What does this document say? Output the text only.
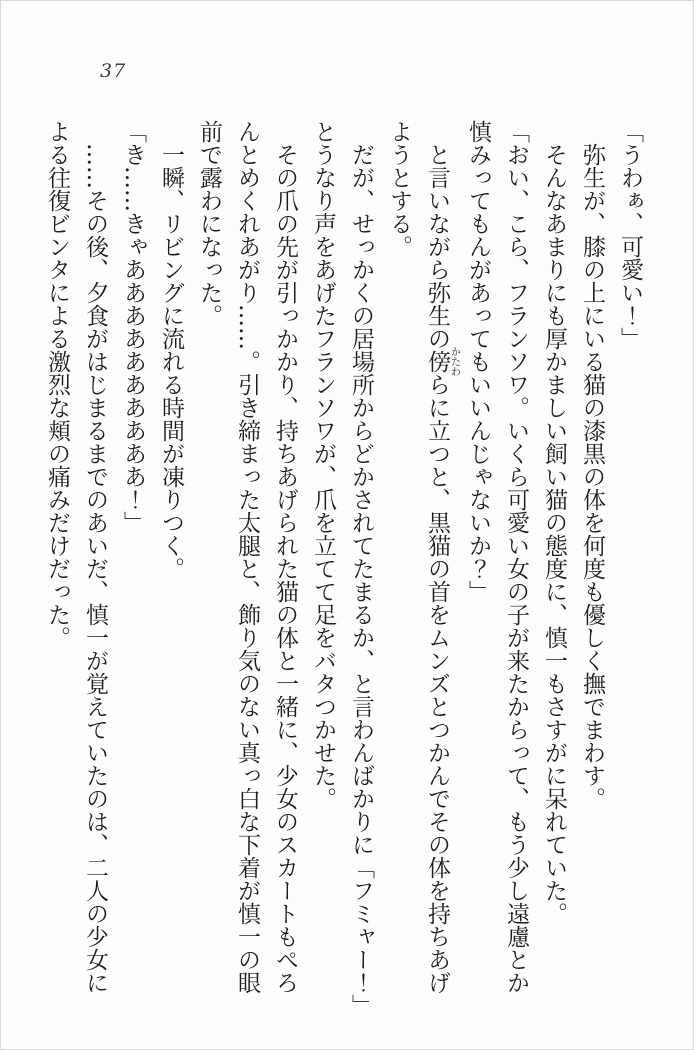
37

「うわぁ、可愛い！」

弥生が、膝の上にいる猫の漆黒の体を何度も優しく撫でまわす。

そんなあまりにも厚かましい飼い猫の態度に、慎一もさすがに呆れていた。

「おい、こら、フランソワ。いくら可愛い女の子が来たからって、もう少し遠慮とか

慎みってもんがあってもいいんじゃないか？」

と言いながら弥生の傍かたわらに立つと、黒猫の首をムンズとつかんでその体を持ちあげ

ようとする。

だが、せっかくの居場所からどかされてたまるか、と言わんばかりに「フミャー！」

とうなり声をあげたフランソワが、爪を立てて足をバタつかせた。

その爪の先が引っかかり、持ちあげられた猫の体と一緒に、少女のスカートもぺろ

んとめくれあがり……。引き締まった太腿と、飾り気のない真っ白な下着が慎一の眼

前で露わになった。

一瞬、リビングに流れる時間が凍りつく。

「き……きゃああああああああああ！」

……その後、夕食がはじまるまでのあいだ、慎一が覚えていたのは、二人の少女に

よる往復ビンタによる激烈な頬の痛みだけだった。
